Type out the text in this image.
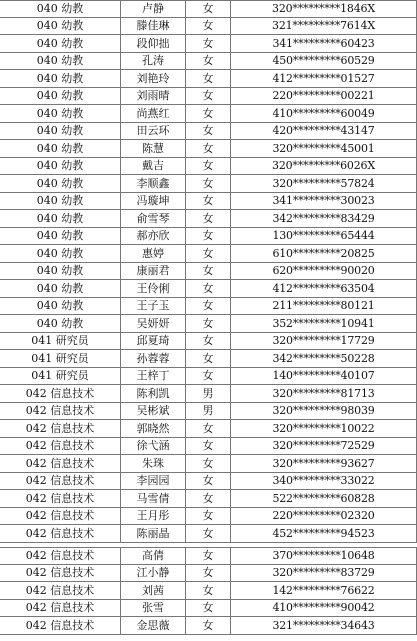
040 幼教	卢静	女	320*********1846X
040 幼教	滕佳琳	女	321*********7614X
040 幼教	段仰拙	女	341*********60423
040 幼教	孔涛	女	450*********60529
040 幼教	刘艳玲	女	412*********01527
040 幼教	刘雨晴	女	220*********00221
040 幼教	尚燕红	女	410*********60049
040 幼教	田云环	女	420*********43147
040 幼教	陈慧	女	320*********45001
040 幼教	戴吉	女	320*********6026X
040 幼教	李顺鑫	女	320*********57824
040 幼教	冯璇坤	女	341*********30023
040 幼教	俞雪琴	女	342*********83429
040 幼教	郝亦欣	女	130*********65444
040 幼教	惠婷	女	610*********20825
040 幼教	康丽君	女	620*********90020
040 幼教	王伶俐	女	412*********63504
040 幼教	王子玉	女	211*********80121
040 幼教	吴妍妍	女	352*********10941
041 研究员	邱夏琦	女	320*********17729
041 研究员	孙蓉蓉	女	342*********50228
041 研究员	王梓丁	女	140*********40107
042 信息技术	陈利凯	男	320*********81713
042 信息技术	吴彬斌	男	320*********98039
042 信息技术	郭晓然	女	320*********10022
042 信息技术	徐弋涵	女	320*********72529
042 信息技术	朱珠	女	320*********93627
042 信息技术	李园园	女	340*********33022
042 信息技术	马雪倩	女	522*********60828
042 信息技术	王月彤	女	220*********02320
042 信息技术	陈丽晶	女	452*********94523
042 信息技术	高倩	女	370*********10648
042 信息技术	江小静	女	320*********83729
042 信息技术	刘茜	女	142*********76622
042 信息技术	张雪	女	410*********90042
042 信息技术	金思薇	女	321*********34643
